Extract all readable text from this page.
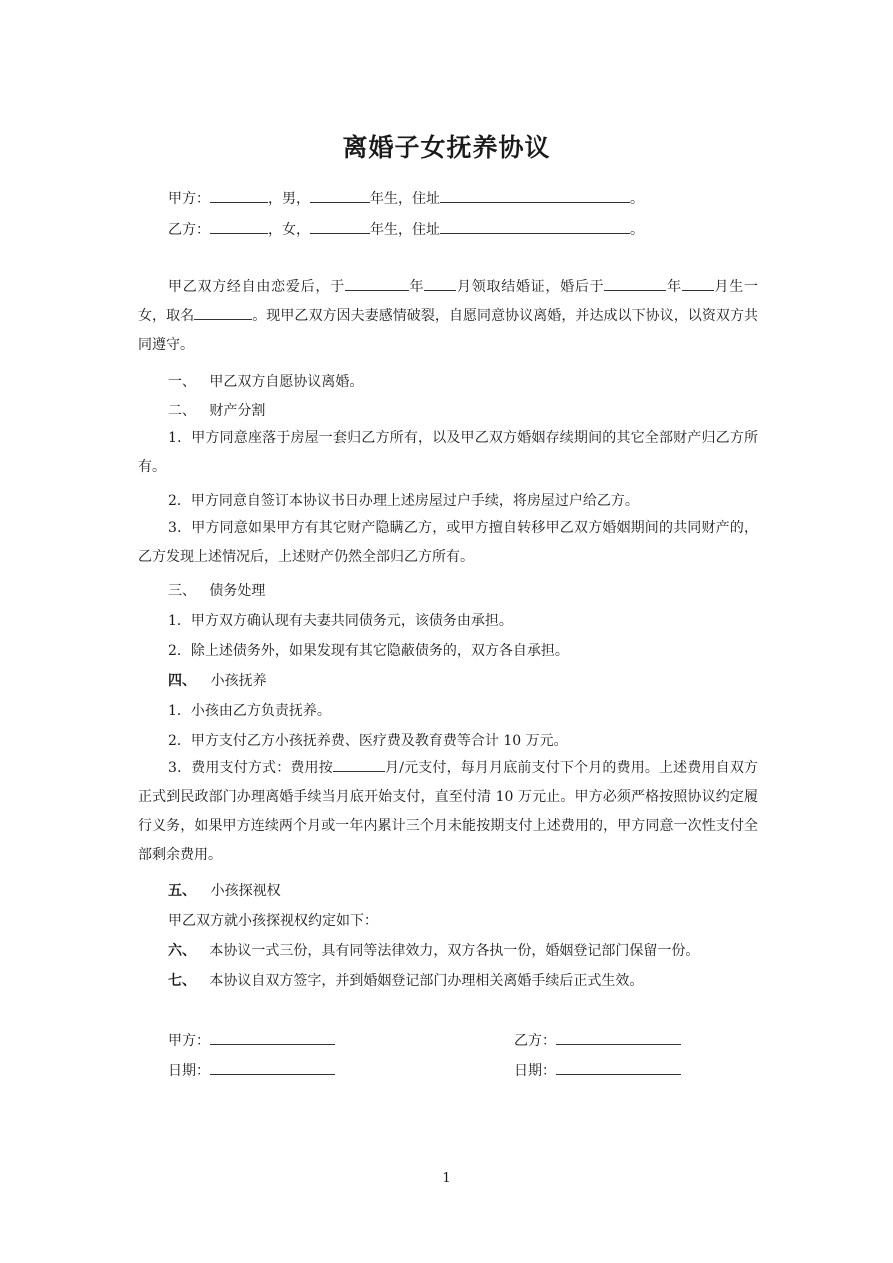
离婚子女抚养协议
甲方：	，男，	年生，住址	。
乙方：	，女，	年生，住址	。
甲乙双方经自由恋爱后，于	年 月领取结婚证，婚后于	年 月生一女，取名	。现甲乙双方因夫妻感情破裂，自愿同意协议离婚，并达成以下协议，以资双方共同遵守。
一、 甲乙双方自愿协议离婚。
二、 财产分割
1．甲方同意座落于房屋一套归乙方所有，以及甲乙双方婚姻存续期间的其它全部财产归乙方所有。
2．甲方同意自签订本协议书日办理上述房屋过户手续，将房屋过户给乙方。
3．甲方同意如果甲方有其它财产隐瞒乙方，或甲方擅自转移甲乙双方婚姻期间的共同财产的，乙方发现上述情况后，上述财产仍然全部归乙方所有。
三、 债务处理
1．甲方双方确认现有夫妻共同债务元，该债务由承担。
2．除上述债务外，如果发现有其它隐蔽债务的，双方各自承担。
四、 小孩抚养
1．小孩由乙方负责抚养。
2．甲方支付乙方小孩抚养费、医疗费及教育费等合计 10 万元。
3．费用支付方式：费用按	月/元支付，每月月底前支付下个月的费用。上述费用自双方正式到民政部门办理离婚手续当月底开始支付，直至付清 10 万元止。甲方必须严格按照协议约定履行义务，如果甲方连续两个月或一年内累计三个月未能按期支付上述费用的，甲方同意一次性支付全部剩余费用。
五、 小孩探视权
甲乙双方就小孩探视权约定如下：
六、 本协议一式三份，具有同等法律效力，双方各执一份，婚姻登记部门保留一份。
七、 本协议自双方签字，并到婚姻登记部门办理相关离婚手续后正式生效。
甲方：	乙方：
日期：	日期：
1
